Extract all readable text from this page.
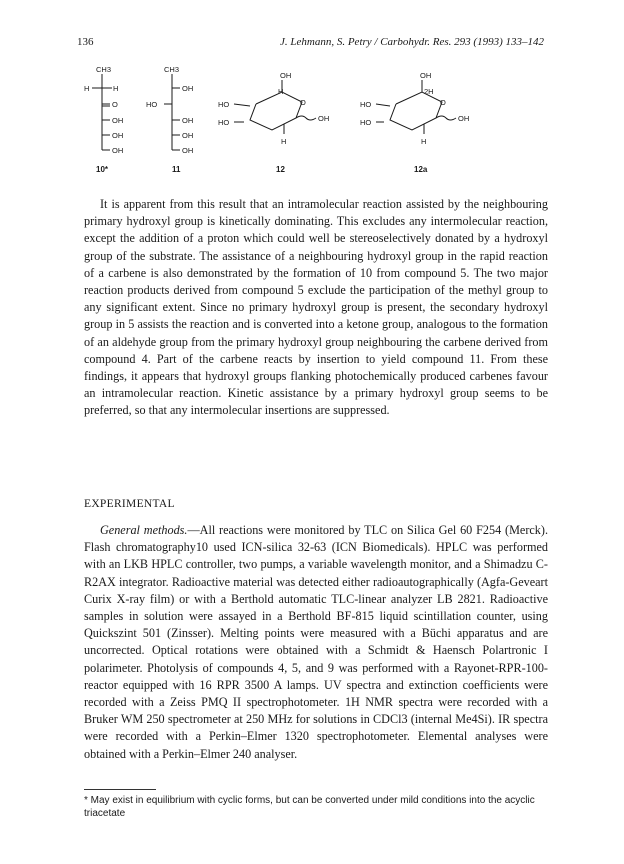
136	J. Lehmann, S. Petry / Carbohydr. Res. 293 (1993) 133–142
CH3
H	H
O
OH
OH
OH
10*
CH3
OH
HO
OH
OH
OH
11
HO
HO
OH
H
O
OH
H
12
HO
HO
OH
2H
O
OH
H
12a

It is apparent from this result that an intramolecular reaction assisted by the neighbouring primary hydroxyl group is kinetically dominating. This excludes any intermolecular reaction, except the addition of a proton which could well be stereoselectively donated by a hydroxyl group of the substrate. The assistance of a neighbouring hydroxyl group in the rapid reaction of a carbene is also demonstrated by the formation of 10 from compound 5. The two major reaction products derived from compound 5 exclude the participation of the methyl group to any significant extent. Since no primary hydroxyl group is present, the secondary hydroxyl group in 5 assists the reaction and is converted into a ketone group, analogous to the formation of an aldehyde group from the primary hydroxyl group neighbouring the carbene derived from compound 4. Part of the carbene reacts by insertion to yield compound 11. From these findings, it appears that hydroxyl groups flanking photochemically produced carbenes favour an intramolecular reaction. Kinetic assistance by a primary hydroxyl group seems to be preferred, so that any intermolecular insertions are suppressed.

EXPERIMENTAL

General methods.—All reactions were monitored by TLC on Silica Gel 60 F254 (Merck). Flash chromatography10 used ICN-silica 32-63 (ICN Biomedicals). HPLC was performed with an LKB HPLC controller, two pumps, a variable wavelength monitor, and a Shimadzu C-R2AX integrator. Radioactive material was detected either radioautographically (Agfa-Geveart Curix X-ray film) or with a Berthold automatic TLC-linear analyzer LB 2821. Radioactive samples in solution were assayed in a Berthold BF-815 liquid scintillation counter, using Quickszint 501 (Zinsser). Melting points were measured with a Büchi apparatus and are uncorrected. Optical rotations were obtained with a Schmidt & Haensch Polartronic I polarimeter. Photolysis of compounds 4, 5, and 9 was performed with a Rayonet-RPR-100-reactor equipped with 16 RPR 3500 A lamps. UV spectra and extinction coefficients were recorded with a Zeiss PMQ II spectrophotometer. 1H NMR spectra were recorded with a Bruker WM 250 spectrometer at 250 MHz for solutions in CDCl3 (internal Me4Si). IR spectra were recorded with a Perkin–Elmer 1320 spectrophotometer. Elemental analyses were obtained with a Perkin–Elmer 240 analyser.

* May exist in equilibrium with cyclic forms, but can be converted under mild conditions into the acyclic triacetate
